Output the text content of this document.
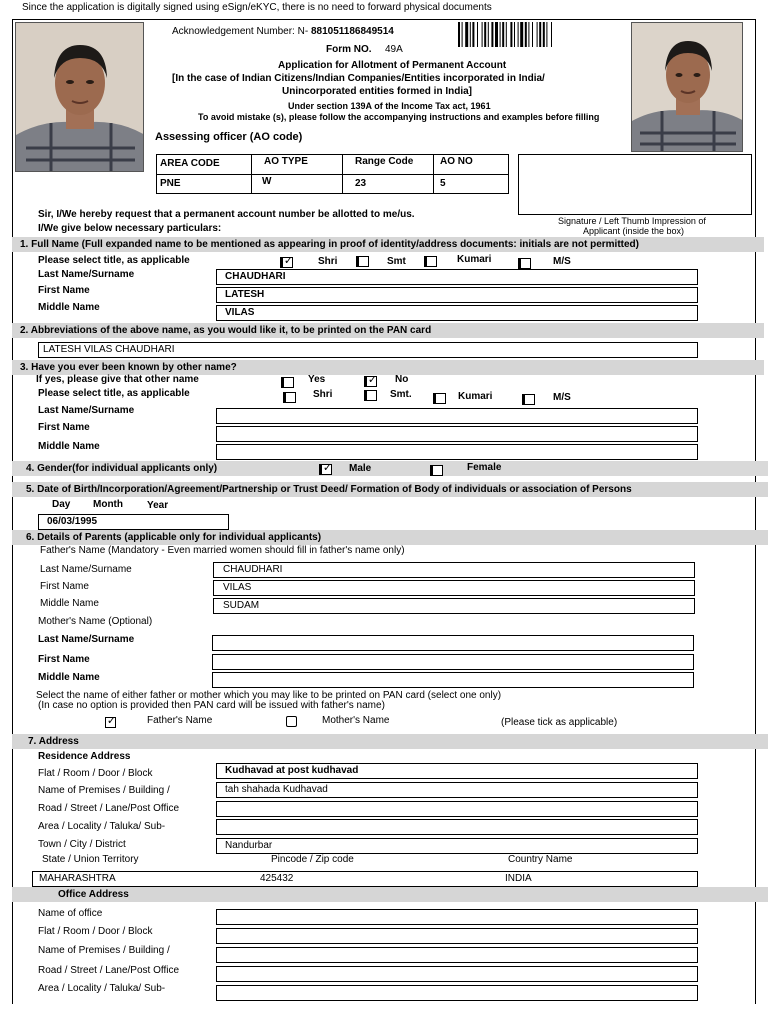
Since the application is digitally signed using eSign/eKYC, there is no need to forward physical documents
Acknowledgement Number: N- 881051186849514
Form NO. 49A
Application for Allotment of Permanent Account
[In the case of Indian Citizens/Indian Companies/Entities incorporated in India/
Unincorporated entities formed in India]
Under section 139A of the Income Tax act, 1961
To avoid mistake (s), please follow the accompanying instructions and examples before filling
Assessing officer (AO code)
AREA CODE	AO TYPE	Range Code	AO NO
PNE	W	23	5
Signature / Left Thumb Impression of
Applicant (inside the box)
Sir, I/We hereby request that a permanent account number be allotted to me/us.
I/We give below necessary particulars:
1. Full Name (Full expanded name to be mentioned as appearing in proof of identity/address documents: initials are not permitted)
Please select title, as applicable	✓ Shri	Smt	Kumari	M/S
Last Name/Surname	CHAUDHARI
First Name	LATESH
Middle Name	VILAS
2. Abbreviations of the above name, as you would like it, to be printed on the PAN card
LATESH VILAS CHAUDHARI
3. Have you ever been known by other name?
If yes, please give that other name	Yes	✓ No
Please select title, as applicable	Shri	Smt.	Kumari	M/S
Last Name/Surname
First Name
Middle Name
4. Gender(for individual applicants only)	✓ Male	Female
5. Date of Birth/Incorporation/Agreement/Partnership or Trust Deed/ Formation of Body of individuals or association of Persons
Day Month Year
06/03/1995
6. Details of Parents (applicable only for individual applicants)
Father's Name (Mandatory - Even married women should fill in father's name only)
Last Name/Surname	CHAUDHARI
First Name	VILAS
Middle Name	SUDAM
Mother's Name (Optional)
Last Name/Surname
First Name
Middle Name
Select the name of either father or mother which you may like to be printed on PAN card (select one only)
(In case no option is provided then PAN card will be issued with father's name)
✓	Father's Name	Mother's Name	(Please tick as applicable)
7. Address
Residence Address
Flat / Room / Door / Block	Kudhavad at post kudhavad
Name of Premises / Building /	tah shahada Kudhavad
Road / Street / Lane/Post Office
Area / Locality / Taluka/ Sub-
Town / City / District	Nandurbar
State / Union Territory	Pincode / Zip code	Country Name
MAHARASHTRA	425432	INDIA
Office Address
Name of office
Flat / Room / Door / Block
Name of Premises / Building /
Road / Street / Lane/Post Office
Area / Locality / Taluka/ Sub-
